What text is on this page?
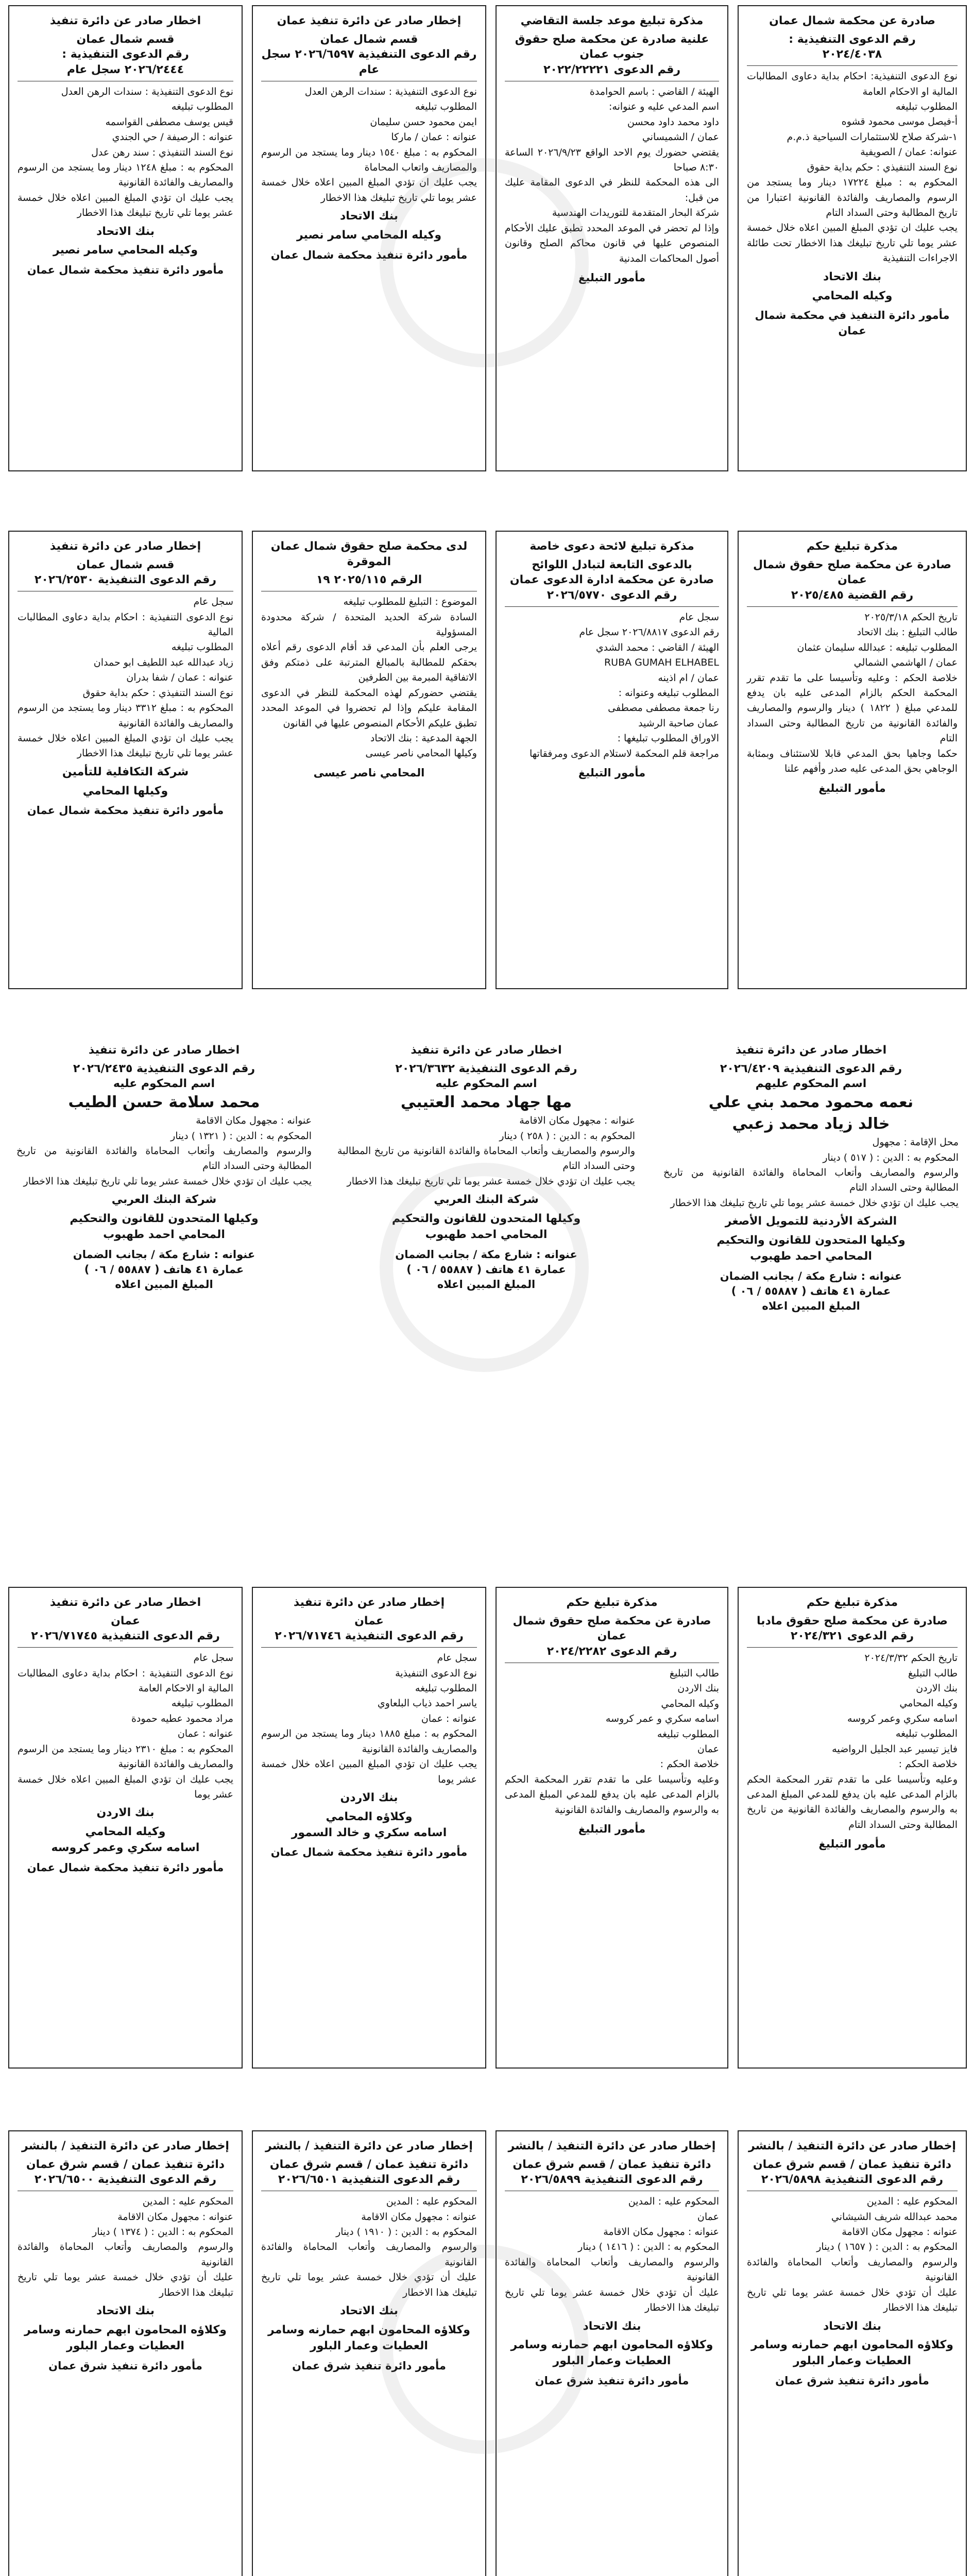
صادرة عن محكمة شمال عمان
رقم الدعوى التنفيذية :
٢٠٢٤/٤٠٣٨
نوع الدعوى التنفيذية: احكام بداية دعاوى المطالبات المالية او الاحكام العامة
المطلوب تبليغه
أ-فيصل موسى محمود قشوه
١-شركة صلاح للاستثمارات السياحية ذ.م.م
عنوانه: عمان / الصويفية
نوع السند التنفيذي : حكم بداية حقوق
المحكوم به : مبلغ ١٧٢٢٤ دينار وما يستجد من الرسوم والمصاريف والفائدة القانونية اعتبارا من تاريخ المطالبة وحتى السداد التام
يجب عليك ان تؤدي المبلغ المبين اعلاه خلال خمسة عشر يوما تلي تاريخ تبليغك هذا الاخطار تحت طائلة الاجراءات التنفيذية
بنك الاتحاد
وكيله المحامي
مأمور دائرة التنفيذ في محكمة شمال عمان
مذكرة تبليغ موعد جلسة التقاضي
علنية صادرة عن محكمة صلح حقوق جنوب عمان
رقم الدعوى ٢٠٢٢/٢٢٢٢١
الهيئة / القاضي : باسم الحوامدة
اسم المدعي عليه و عنوانه:
داود محمد داود محسن
عمان / الشميساني
يقتضي حضورك يوم الاحد الواقع ٢٠٢٦/٩/٢٣ الساعة ٨:٣٠ صباحا
الى هذه المحكمة للنظر في الدعوى المقامة عليك من قبل:
شركة البحار المتقدمة للتوريدات الهندسية
وإذا لم تحضر في الموعد المحدد تطبق عليك الأحكام المنصوص عليها في قانون محاكم الصلح وقانون أصول المحاكمات المدنية
مأمور التبليغ
إخطار صادر عن دائرة تنفيذ عمان
قسم شمال عمان
رقم الدعوى التنفيذية ٢٠٢٦/٦٥٩٧ سجل عام
نوع الدعوى التنفيذية : سندات الرهن العدل
المطلوب تبليغه
ايمن محمود حسن سليمان
عنوانه : عمان / ماركا
المحكوم به : مبلغ ١٥٤٠ دينار وما يستجد من الرسوم والمصاريف واتعاب المحاماة
يجب عليك ان تؤدي المبلغ المبين اعلاه خلال خمسة عشر يوما تلي تاريخ تبليغك هذا الاخطار
بنك الاتحاد
وكيله المحامي سامر نصير
مأمور دائرة تنفيذ محكمة شمال عمان
اخطار صادر عن دائرة تنفيذ
قسم شمال عمان
رقم الدعوى التنفيذية :
٢٠٢٦/٢٤٤٤ سجل عام
نوع الدعوى التنفيذية : سندات الرهن العدل
المطلوب تبليغه
قيس يوسف مصطفى القواسمه
عنوانه : الرصيفة / حي الجندي
نوع السند التنفيذي : سند رهن عدل
المحكوم به : مبلغ ١٢٤٨ دينار وما يستجد من الرسوم والمصاريف والفائدة القانونية
يجب عليك ان تؤدي المبلغ المبين اعلاه خلال خمسة عشر يوما تلي تاريخ تبليغك هذا الاخطار
بنك الاتحاد
وكيله المحامي سامر نصير
مأمور دائرة تنفيذ محكمة شمال عمان
مذكرة تبليغ حكم
صادرة عن محكمة صلح حقوق شمال عمان
رقم القضية ٢٠٢٥/٤٨٥
تاريخ الحكم ٢٠٢٥/٣/١٨
طالب التبليغ : بنك الاتحاد
المطلوب تبليغه : عبدالله سليمان عثمان
عمان / الهاشمي الشمالي
خلاصة الحكم : وعليه وتأسيسا على ما تقدم تقرر المحكمة الحكم بالزام المدعى عليه بان يدفع للمدعي مبلغ ( ١٨٢٢ ) دينار والرسوم والمصاريف والفائدة القانونية من تاريخ المطالبة وحتى السداد التام
حكما وجاهيا بحق المدعي قابلا للاستئناف وبمثابة الوجاهي بحق المدعى عليه صدر وأفهم علنا
مأمور التبليغ
مذكرة تبليغ لائحة دعوى خاصة
بالدعوى التابعة لتبادل اللوائح
صادرة عن محكمة ادارة الدعوى عمان
رقم الدعوى ٢٠٢٦/٥٧٧٠
سجل عام
رقم الدعوى ٢٠٢٦/٨٨١٧ سجل عام
الهيئة / القاضي : محمد الشدي
RUBA GUMAH ELHABEL
عمان / ام اذينه
المطلوب تبليغه وعنوانه :
رنا جمعة مصطفى مصطفى
عمان صاحبة الرشيد
الاوراق المطلوب تبليغها :
مراجعة قلم المحكمة لاستلام الدعوى ومرفقاتها
مأمور التبليغ
لدى محكمة صلح حقوق شمال عمان الموقرة
الرقم ٢٠٢٥/١١٥ ١٩
الموضوع : التبليغ للمطلوب تبليغه
السادة شركة الحديد المتحدة / شركة محدودة المسؤولية
يرجى العلم بأن المدعي قد أقام الدعوى رقم أعلاه بحقكم للمطالبة بالمبالغ المترتبة على ذمتكم وفق الاتفاقية المبرمة بين الطرفين
يقتضي حضوركم لهذه المحكمة للنظر في الدعوى المقامة عليكم وإذا لم تحضروا في الموعد المحدد تطبق عليكم الأحكام المنصوص عليها في القانون
الجهة المدعية : بنك الاتحاد
وكيلها المحامي ناصر عيسى
المحامي ناصر عيسى
إخطار صادر عن دائرة تنفيذ
قسم شمال عمان
رقم الدعوى التنفيذية ٢٠٢٦/٢٥٣٠
سجل عام
نوع الدعوى التنفيذية : احكام بداية دعاوى المطالبات المالية
المطلوب تبليغه
زياد عبدالله عبد اللطيف ابو حمدان
عنوانه : عمان / شفا بدران
نوع السند التنفيذي : حكم بداية حقوق
المحكوم به : مبلغ ٣٣١٢ دينار وما يستجد من الرسوم والمصاريف والفائدة القانونية
يجب عليك ان تؤدي المبلغ المبين اعلاه خلال خمسة عشر يوما تلي تاريخ تبليغك هذا الاخطار
شركة التكافلية للتأمين
وكيلها المحامي
مأمور دائرة تنفيذ محكمة شمال عمان
اخطار صادر عن دائرة تنفيذ
رقم الدعوى التنفيذية ٢٠٢٦/٤٢٠٩
اسم المحكوم عليهم
نعمه محمود محمد بني علي
خالد زياد محمد زعبي
محل الإقامة : مجهول
المحكوم به : الدين : ( ٥١٧ ) دينار
والرسوم والمصاريف وأتعاب المحاماة والفائدة القانونية من تاريخ المطالبة وحتى السداد التام
يجب عليك ان تؤدي خلال خمسة عشر يوما تلي تاريخ تبليغك هذا الاخطار
الشركة الأردنية للتمويل الأصغر
وكيلها المتحدون للقانون والتحكيم
المحامي احمد طهبوب
عنوانه : شارع مكة / بجانب الضمان
عمارة ٤١ هاتف ( ٥٥٨٨٧ / ٠٦ )
المبلغ المبين اعلاه
اخطار صادر عن دائرة تنفيذ
رقم الدعوى التنفيذية ٢٠٢٦/٣٦٣٢
اسم المحكوم عليه
مها جهاد محمد العتيبي
عنوانه : مجهول مكان الاقامة
المحكوم به : الدين : ( ٢٥٨ ) دينار
والرسوم والمصاريف وأتعاب المحاماة والفائدة القانونية من تاريخ المطالبة وحتى السداد التام
يجب عليك ان تؤدي خلال خمسة عشر يوما تلي تاريخ تبليغك هذا الاخطار
شركة البنك العربي
وكيلها المتحدون للقانون والتحكيم
المحامي احمد طهبوب
عنوانه : شارع مكة / بجانب الضمان
عمارة ٤١ هاتف ( ٥٥٨٨٧ / ٠٦ )
المبلغ المبين اعلاه
اخطار صادر عن دائرة تنفيذ
رقم الدعوى التنفيذية ٢٠٢٦/٢٤٣٥
اسم المحكوم عليه
محمد سلامة حسن الطيب
عنوانه : مجهول مكان الاقامة
المحكوم به : الدين : ( ١٣٢١ ) دينار
والرسوم والمصاريف وأتعاب المحاماة والفائدة القانونية من تاريخ المطالبة وحتى السداد التام
يجب عليك ان تؤدي خلال خمسة عشر يوما تلي تاريخ تبليغك هذا الاخطار
شركة البنك العربي
وكيلها المتحدون للقانون والتحكيم
المحامي احمد طهبوب
عنوانه : شارع مكة / بجانب الضمان
عمارة ٤١ هاتف ( ٥٥٨٨٧ / ٠٦ )
المبلغ المبين اعلاه
مذكرة تبليغ حكم
صادرة عن محكمة صلح حقوق مادبا
رقم الدعوى ٢٠٢٤/٣٢١
تاريخ الحكم ٢٠٢٤/٣/٣٢
طالب التبليغ
بنك الاردن
وكيله المحامي
اسامه سكري وعمر كروسه
المطلوب تبليغه
فايز تيسير عبد الجليل الرواضيه
خلاصة الحكم :
وعليه وتأسيسا على ما تقدم تقرر المحكمة الحكم بالزام المدعى عليه بان يدفع للمدعي المبلغ المدعى به والرسوم والمصاريف والفائدة القانونية من تاريخ المطالبة وحتى السداد التام
مأمور التبليغ
مذكرة تبليغ حكم
صادرة عن محكمة صلح حقوق شمال عمان
رقم الدعوى ٢٠٢٤/٢٢٨٢
طالب التبليغ
بنك الاردن
وكيله المحامي
اسامه سكري و عمر كروسه
المطلوب تبليغه
عمان
خلاصة الحكم :
وعليه وتأسيسا على ما تقدم تقرر المحكمة الحكم بالزام المدعى عليه بان يدفع للمدعي المبلغ المدعى به والرسوم والمصاريف والفائدة القانونية
مأمور التبليغ
إخطار صادر عن دائرة تنفيذ
عمان
رقم الدعوى التنفيذية ٢٠٢٦/٧١٧٤٦
سجل عام
نوع الدعوى التنفيذية
المطلوب تبليغه
ياسر احمد ذياب البلعاوي
عنوانه : عمان
المحكوم به : مبلغ ١٨٨٥ دينار وما يستجد من الرسوم والمصاريف والفائدة القانونية
يجب عليك ان تؤدي المبلغ المبين اعلاه خلال خمسة عشر يوما
بنك الاردن
وكلاؤه المحامي
اسامه سكري و خالد السمور
مأمور دائرة تنفيذ محكمة شمال عمان
اخطار صادر عن دائرة تنفيذ
عمان
رقم الدعوى التنفيذية ٢٠٢٦/٧١٧٤٥
سجل عام
نوع الدعوى التنفيذية : احكام بداية دعاوى المطالبات المالية او الاحكام العامة
المطلوب تبليغه
مراد محمود عطيه حمودة
عنوانه : عمان
المحكوم به : مبلغ ٢٣١٠ دينار وما يستجد من الرسوم والمصاريف والفائدة القانونية
يجب عليك ان تؤدي المبلغ المبين اعلاه خلال خمسة عشر يوما
بنك الاردن
وكيله المحامي
اسامه سكري وعمر كروسه
مأمور دائرة تنفيذ محكمة شمال عمان
إخطار صادر عن دائرة التنفيذ / بالنشر
دائرة تنفيذ عمان / قسم شرق عمان
رقم الدعوى التنفيذية ٢٠٢٦/٥٨٩٨
المحكوم عليه : المدين
محمد عبدالله شريف الشيشاني
عنوانه : مجهول مكان الاقامة
المحكوم به : الدين : ( ١٦٥٧ ) دينار
والرسوم والمصاريف وأتعاب المحاماة والفائدة القانونية
عليك أن تؤدي خلال خمسة عشر يوما تلي تاريخ تبليغك هذا الاخطار
بنك الاتحاد
وكلاؤه المحامون ابهم حمارنه وسامر
العطيات وعمار البلور
مأمور دائرة تنفيذ شرق عمان
إخطار صادر عن دائرة التنفيذ / بالنشر
دائرة تنفيذ عمان / قسم شرق عمان
رقم الدعوى التنفيذية ٢٠٢٦/٥٨٩٩
المحكوم عليه : المدين
عمان
عنوانه : مجهول مكان الاقامة
المحكوم به : الدين : ( ١٤١٦ ) دينار
والرسوم والمصاريف وأتعاب المحاماة والفائدة القانونية
عليك أن تؤدي خلال خمسة عشر يوما تلي تاريخ تبليغك هذا الاخطار
بنك الاتحاد
وكلاؤه المحامون ابهم حمارنه وسامر
العطيات وعمار البلور
مأمور دائرة تنفيذ شرق عمان
إخطار صادر عن دائرة التنفيذ / بالنشر
دائرة تنفيذ عمان / قسم شرق عمان
رقم الدعوى التنفيذية ٢٠٢٦/٦٥٠١
المحكوم عليه : المدين
عنوانه : مجهول مكان الاقامة
المحكوم به : الدين : ( ١٩١٠ ) دينار
والرسوم والمصاريف وأتعاب المحاماة والفائدة القانونية
عليك أن تؤدي خلال خمسة عشر يوما تلي تاريخ تبليغك هذا الاخطار
بنك الاتحاد
وكلاؤه المحامون ابهم حمارنه وسامر
العطيات وعمار البلور
مأمور دائرة تنفيذ شرق عمان
إخطار صادر عن دائرة التنفيذ / بالنشر
دائرة تنفيذ عمان / قسم شرق عمان
رقم الدعوى التنفيذية ٢٠٢٦/٦٥٠٠
المحكوم عليه : المدين
عنوانه : مجهول مكان الاقامة
المحكوم به : الدين : ( ١٣٧٤ ) دينار
والرسوم والمصاريف وأتعاب المحاماة والفائدة القانونية
عليك أن تؤدي خلال خمسة عشر يوما تلي تاريخ تبليغك هذا الاخطار
بنك الاتحاد
وكلاؤه المحامون ابهم حمارنه وسامر
العطيات وعمار البلور
مأمور دائرة تنفيذ شرق عمان
